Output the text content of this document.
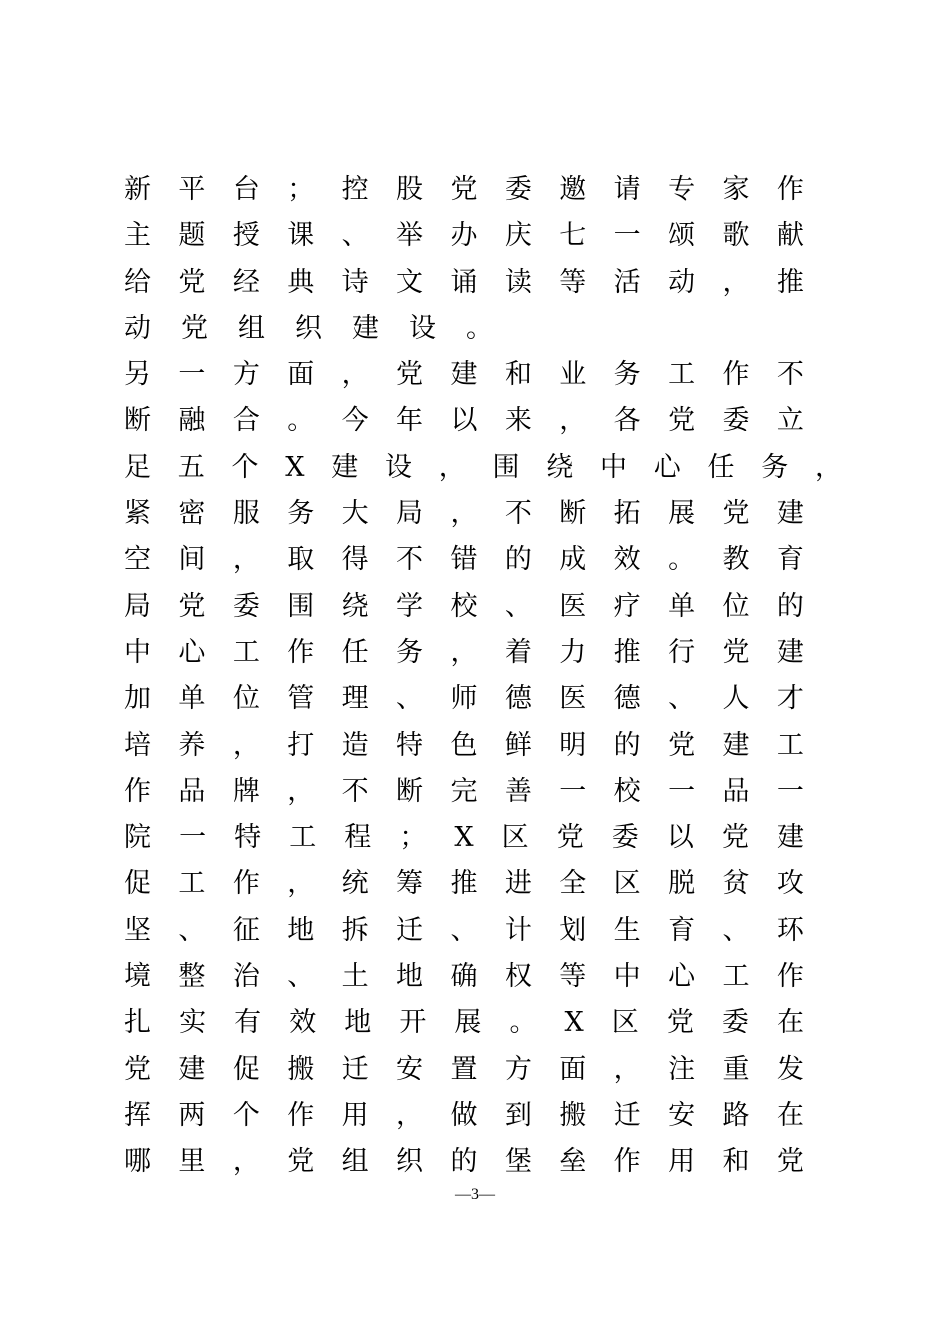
新 平 台 ； 控 股 党 委 邀 请 专 家 作
主 题 授 课 、 举 办 庆 七 一 颂 歌 献
给 党 经 典 诗 文 诵 读 等 活 动 ， 推
动 党 组 织 建 设 。
另 一 方 面 ， 党 建 和 业 务 工 作 不
断 融 合 。 今 年 以 来 ， 各 党 委 立
足 五 个 X 建 设 ， 围 绕 中 心 任 务 ，
紧 密 服 务 大 局 ， 不 断 拓 展 党 建
空 间 ， 取 得 不 错 的 成 效 。 教 育
局 党 委 围 绕 学 校 、 医 疗 单 位 的
中 心 工 作 任 务 ， 着 力 推 行 党 建
加 单 位 管 理 、 师 德 医 德 、 人 才
培 养 ， 打 造 特 色 鲜 明 的 党 建 工
作 品 牌 ， 不 断 完 善 一 校 一 品 一
院 一 特 工 程 ； X 区 党 委 以 党 建
促 工 作 ， 统 筹 推 进 全 区 脱 贫 攻
坚 、 征 地 拆 迁 、 计 划 生 育 、 环
境 整 治 、 土 地 确 权 等 中 心 工 作
扎 实 有 效 地 开 展 。 X 区 党 委 在
党 建 促 搬 迁 安 置 方 面 ， 注 重 发
挥 两 个 作 用 ， 做 到 搬 迁 安 路 在
哪 里 ， 党 组 织 的 堡 垒 作 用 和 党
—3—
